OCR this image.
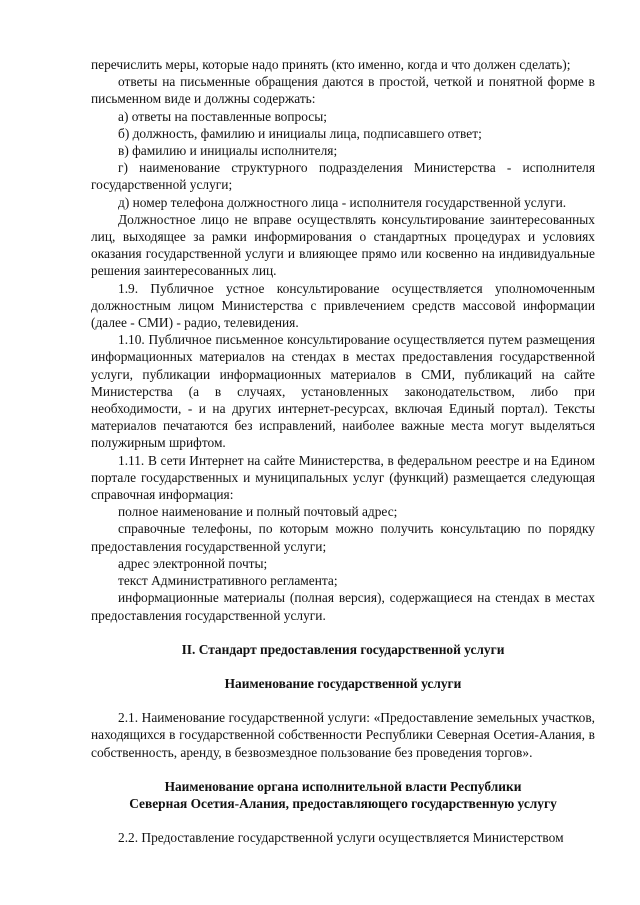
перечислить меры, которые надо принять (кто именно, когда и что должен сделать);

ответы на письменные обращения даются в простой, четкой и понятной форме в письменном виде и должны содержать:

а) ответы на поставленные вопросы;

б) должность, фамилию и инициалы лица, подписавшего ответ;

в) фамилию и инициалы исполнителя;

г) наименование структурного подразделения Министерства - исполнителя государственной услуги;

д) номер телефона должностного лица - исполнителя государственной услуги.

Должностное лицо не вправе осуществлять консультирование заинтересованных лиц, выходящее за рамки информирования о стандартных процедурах и условиях оказания государственной услуги и влияющее прямо или косвенно на индивидуальные решения заинтересованных лиц.

1.9. Публичное устное консультирование осуществляется уполномоченным должностным лицом Министерства с привлечением средств массовой информации (далее - СМИ) - радио, телевидения.

1.10. Публичное письменное консультирование осуществляется путем размещения информационных материалов на стендах в местах предоставления государственной услуги, публикации информационных материалов в СМИ, публикаций на сайте Министерства (а в случаях, установленных законодательством, либо при необходимости, - и на других интернет-ресурсах, включая Единый портал). Тексты материалов печатаются без исправлений, наиболее важные места могут выделяться полужирным шрифтом.

1.11. В сети Интернет на сайте Министерства, в федеральном реестре и на Едином портале государственных и муниципальных услуг (функций) размещается следующая справочная информация:

полное наименование и полный почтовый адрес;

справочные телефоны, по которым можно получить консультацию по порядку предоставления государственной услуги;

адрес электронной почты;

текст Административного регламента;

информационные материалы (полная версия), содержащиеся на стендах в местах предоставления государственной услуги.

II. Стандарт предоставления государственной услуги

Наименование государственной услуги

2.1. Наименование государственной услуги: «Предоставление земельных участков, находящихся в государственной собственности Республики Северная Осетия-Алания, в собственность, аренду, в безвозмездное пользование без проведения торгов».

Наименование органа исполнительной власти Республики

Северная Осетия-Алания, предоставляющего государственную услугу

2.2. Предоставление государственной услуги осуществляется Министерством
